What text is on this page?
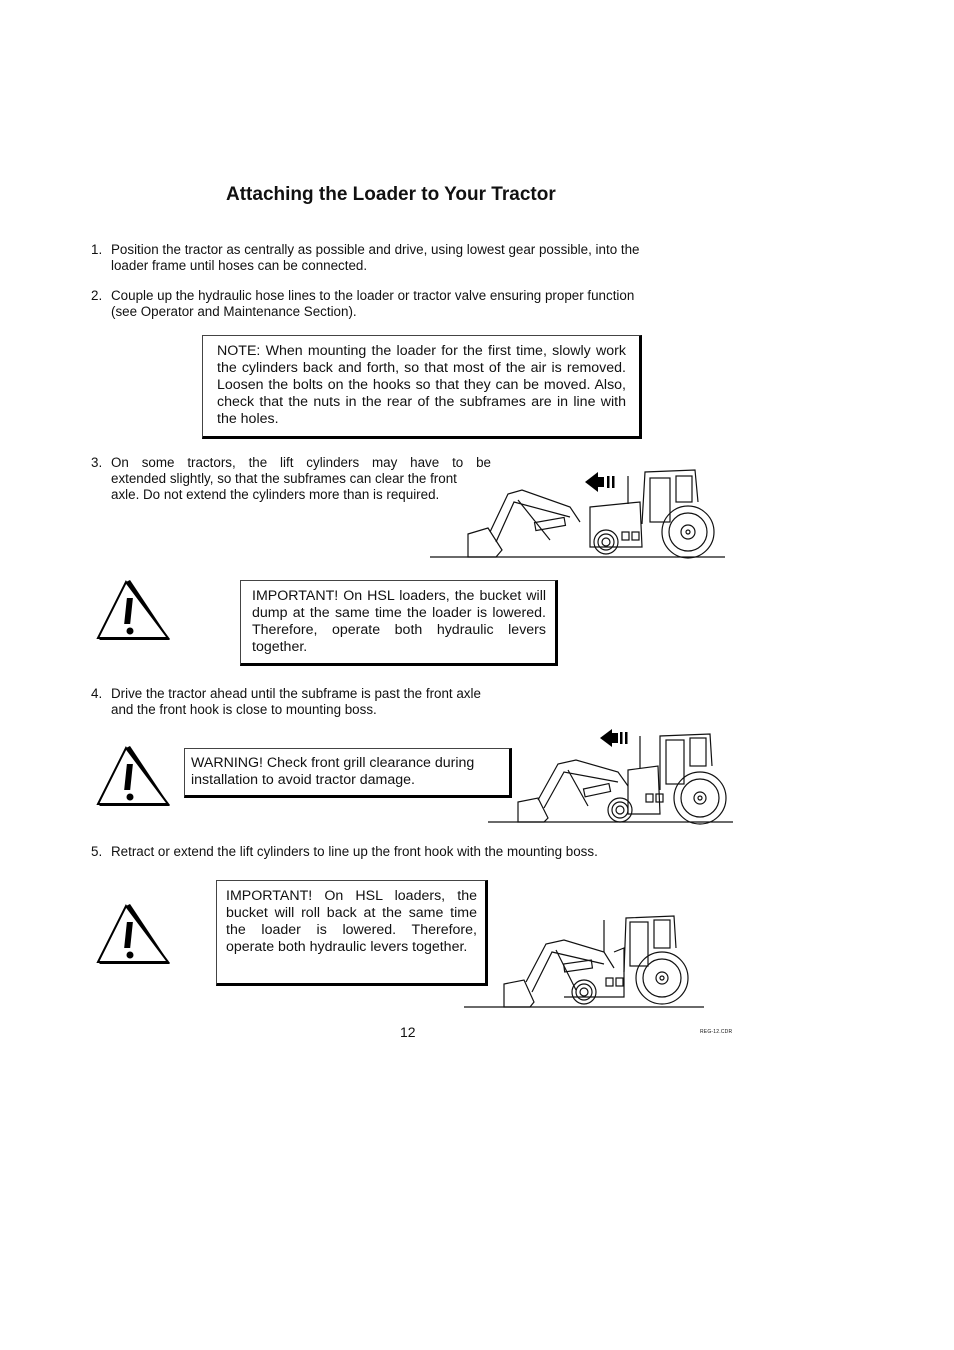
Attaching the Loader to Your Tractor
1. Position the tractor as centrally as possible and drive, using lowest gear possible, into the
loader frame until hoses can be connected.
2. Couple up the hydraulic hose lines to the loader or tractor valve ensuring proper function
(see Operator and Maintenance Section).

NOTE: When mounting the loader for the first time, slowly work the cylinders back and forth, so that most of the air is removed. Loosen the bolts on the hooks so that they can be moved. Also, check that the nuts in the rear of the subframes are in line with the holes.

3. On some tractors, the lift cylinders may have to be
extended slightly, so that the subframes can clear the front
axle. Do not extend the cylinders more than is required.

IMPORTANT! On HSL loaders, the bucket will dump at the same time the loader is lowered. Therefore, operate both hydraulic levers together.

4. Drive the tractor ahead until the subframe is past the front axle
and the front hook is close to mounting boss.

WARNING! Check front grill clearance during installation to avoid tractor damage.

5. Retract or extend the lift cylinders to line up the front hook with the mounting boss.

IMPORTANT! On HSL loaders, the bucket will roll back at the same time the loader is lowered. Therefore, operate both hydraulic levers together.

12	REG-12.CDR
